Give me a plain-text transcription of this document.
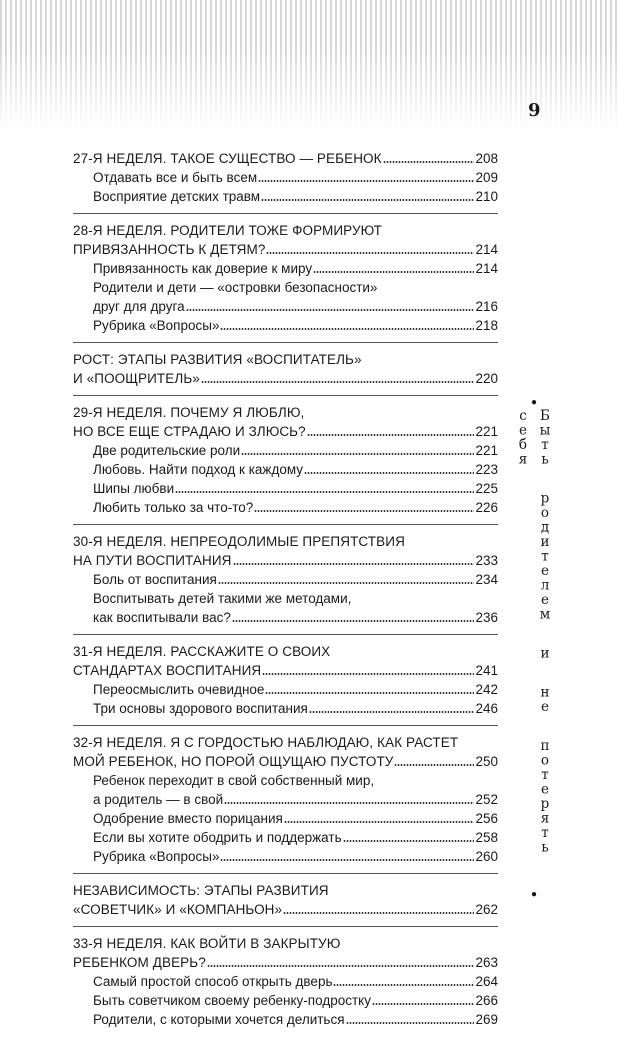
9
27-Я НЕДЕЛЯ. ТАКОЕ СУЩЕСТВО — РЕБЕНОК	208
Отдавать все и быть всем	209
Восприятие детских травм	210
28-Я НЕДЕЛЯ. РОДИТЕЛИ ТОЖЕ ФОРМИРУЮТ
ПРИВЯЗАННОСТЬ К ДЕТЯМ?	214
Привязанность как доверие к миру	214
Родители и дети — «островки безопасности»
друг для друга	216
Рубрика «Вопросы»	218
РОСТ: ЭТАПЫ РАЗВИТИЯ «ВОСПИТАТЕЛЬ»
И «ПООЩРИТЕЛЬ»	220
29-Я НЕДЕЛЯ. ПОЧЕМУ Я ЛЮБЛЮ,
НО ВСЕ ЕЩЕ СТРАДАЮ И ЗЛЮСЬ?	221
Две родительские роли	221
Любовь. Найти подход к каждому	223
Шипы любви	225
Любить только за что-то?	226
30-Я НЕДЕЛЯ. НЕПРЕОДОЛИМЫЕ ПРЕПЯТСТВИЯ
НА ПУТИ ВОСПИТАНИЯ	233
Боль от воспитания	234
Воспитывать детей такими же методами,
как воспитывали вас?	236
31-Я НЕДЕЛЯ. РАССКАЖИТЕ О СВОИХ
СТАНДАРТАХ ВОСПИТАНИЯ	241
Переосмыслить очевидное	242
Три основы здорового воспитания	246
32-Я НЕДЕЛЯ. Я С ГОРДОСТЬЮ НАБЛЮДАЮ, КАК РАСТЕТ
МОЙ РЕБЕНОК, НО ПОРОЙ ОЩУЩАЮ ПУСТОТУ	250
Ребенок переходит в свой собственный мир,
а родитель — в свой	252
Одобрение вместо порицания	256
Если вы хотите ободрить и поддержать	258
Рубрика «Вопросы»	260
НЕЗАВИСИМОСТЬ: ЭТАПЫ РАЗВИТИЯ
«СОВЕТЧИК» И «КОМПАНЬОН»	262
33-Я НЕДЕЛЯ. КАК ВОЙТИ В ЗАКРЫТУЮ
РЕБЕНКОМ ДВЕРЬ?	263
Самый простой способ открыть дверь	264
Быть советчиком своему ребенку-подростку	266
Родители, с которыми хочется делиться	269
●
Быть родителем и не потерять себя
●
